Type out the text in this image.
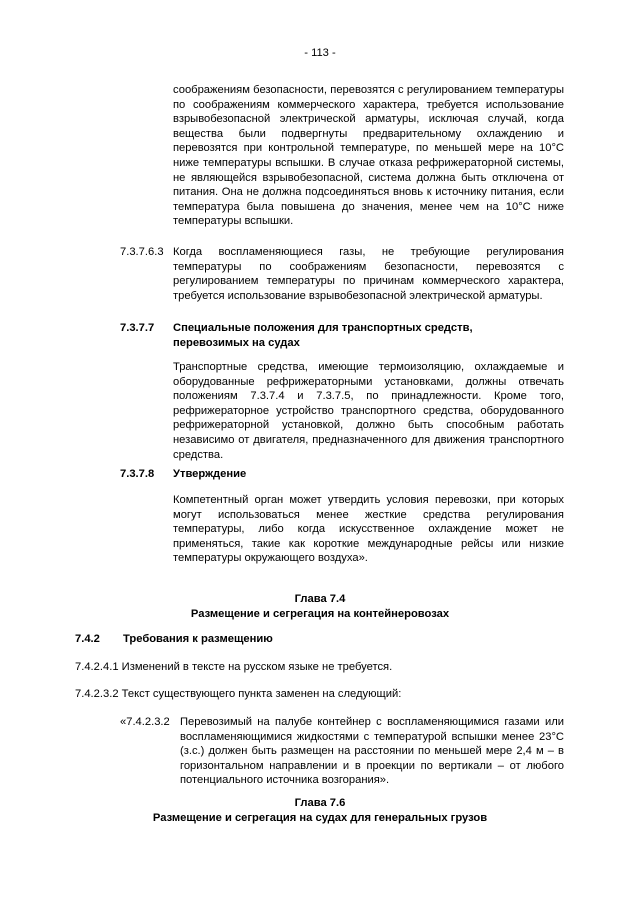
- 113 -
соображениям безопасности, перевозятся с регулированием температуры по соображениям коммерческого характера, требуется использование взрывобезопасной электрической арматуры, исключая случай, когда вещества были подвергнуты предварительному охлаждению и перевозятся при контрольной температуре, по меньшей мере на 10°C ниже температуры вспышки. В случае отказа рефрижераторной системы, не являющейся взрывобезопасной, система должна быть отключена от питания. Она не должна подсоединяться вновь к источнику питания, если температура была повышена до значения, менее чем на 10°C ниже температуры вспышки.
7.3.7.6.3 Когда воспламеняющиеся газы, не требующие регулирования температуры по соображениям безопасности, перевозятся с регулированием температуры по причинам коммерческого характера, требуется использование взрывобезопасной электрической арматуры.
7.3.7.7 Специальные положения для транспортных средств,
перевозимых на судах
Транспортные средства, имеющие термоизоляцию, охлаждаемые и оборудованные рефрижераторными установками, должны отвечать положениям 7.3.7.4 и 7.3.7.5, по принадлежности. Кроме того, рефрижераторное устройство транспортного средства, оборудованного рефрижераторной установкой, должно быть способным работать независимо от двигателя, предназначенного для движения транспортного средства.
7.3.7.8 Утверждение
Компетентный орган может утвердить условия перевозки, при которых могут использоваться менее жесткие средства регулирования температуры, либо когда искусственное охлаждение может не применяться, такие как короткие международные рейсы или низкие температуры окружающего воздуха».
Глава 7.4
Размещение и сегрегация на контейнеровозах
7.4.2 Требования к размещению
7.4.2.4.1 Изменений в тексте на русском языке не требуется.
7.4.2.3.2 Текст существующего пункта заменен на следующий:
«7.4.2.3.2 Перевозимый на палубе контейнер с воспламеняющимися газами или воспламеняющимися жидкостями с температурой вспышки менее 23°C (з.с.) должен быть размещен на расстоянии по меньшей мере 2,4 м – в горизонтальном направлении и в проекции по вертикали – от любого потенциального источника возгорания».
Глава 7.6
Размещение и сегрегация на судах для генеральных грузов
